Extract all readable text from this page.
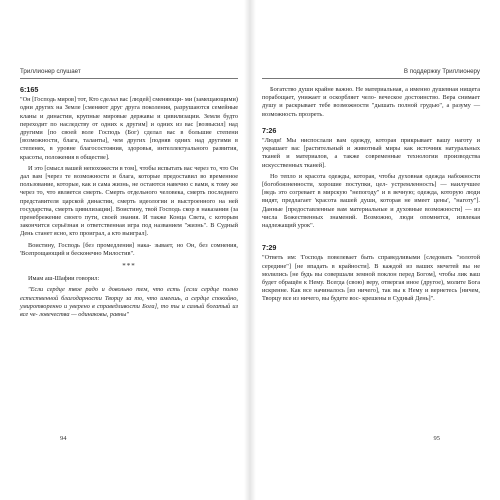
Триллионер слушает
6:165

"Он [Господь миров] тот, Кто сделал вас [людей] сменяющи- ми (замещающими) одни других на Земле [сменяют друг друга поколения, разрушаются семейные кланы и династии, крупные мировые державы и цивилизации. Земля будто переходит по наследству от одних к другим] и одних из вас [возвысил] над другими [по своей воле Господь (Бог) сделал вас в большие степени [возможности, блага, таланты], чем других [подняв одних над другими в степенях, в уровне благосостояния, здоровья, интеллектуального развития, красоты, положения в обществе].

И это [смысл вашей непохожести в том], чтобы испытать вас через то, что Он дал вам [через те возможности и блага, которые предоставил во временное пользование, которые, как и сама жизнь, не остаются навечно с вами, к тому же через то, что является смерть. Смерть отдельного человека, смерть последнего представителя царской династии, смерть идеологии и выстроенного на ней государства, смерть цивилизации]. Воистину, твой Господь скор в наказании (за пренебрежение своего пути, своей знания. И также Конца Света, с которым закончится серьёзная и ответственная игра под названием "жизнь". В Судный День станет ясно, кто проиграл, а кто выиграл].

Воистину, Господь [без промедления] нака- зывает, но Он, без сомнения, 'Всепрощающий и бесконечно Милостив".

***

Имам аш-Шафии говорил:

"Если сердце твое радо и довольно тем, что есть [если сердце полно естественной благодарности Творцу за то, что имеешь, а сердце спокойно, умиротворенно и уверено в справедливости Бога], то ты и самый богатый из все че- ловечества — одинаковы, равны"

94
В поддержку Триллионеру

Богатство души крайне важно. Не материальная, а именно душевная нищета порабощает, унижает и оскорбляет чело- веческое достоинство. Вера снимает душу и раскрывает тебе возможности "дышать полной грудью", а разуму — возможность прозреть.

7:26

"Люди! Мы ниспослали вам одежду, которая прикрывает вашу наготу и украшает вас [растительный и животный миры как источник натуральных тканей и материалов, а также современные технологии производства искусственных тканей].

Но тепло и красота одежды, которая, чтобы духовная одежда набожности [богобоязненности, хорошие поступки, цел- устремленность] — наилучшее [ведь это согревает в мирскую "непогоду" и в вечную; одежда, которую люди видят, предлагает 'красота вашей души, которая не имеет цены', "наготу"]. Данные [предоставленные вам материальные и духовные возможности] — из числа Божественных знамений. Возможно, люди опомнятся, извлекая надлежащий урок".

7:29

"Ответь им: 'Господь повелевает быть справедливыми [следовать "золотой середине"] [не впадать в крайности]. В каждой из ваших мечетей вы не молились [не будь вы совершали земной поклон перед Богом], чтобы лик ваш будет обращён к Нему. Всегда (свою) веру, отвергая иное (другое), молите Бога искренне. Как все начиналось [из ничего], так вы к Нему и вернетесь [ничем, Творцу все из ничего, вы будете вос- крешены в Судный День]".

95
